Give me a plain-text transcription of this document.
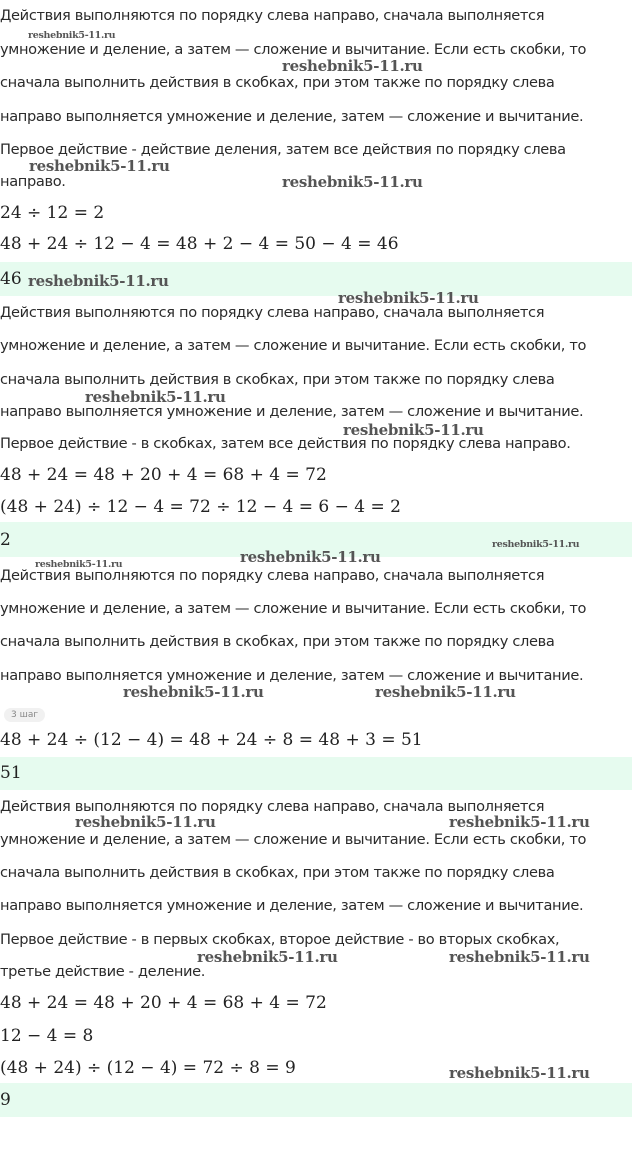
Действия выполняются по порядку слева направо, сначала выполняется
умножение и деление, а затем — сложение и вычитание. Если есть скобки, то
сначала выполнить действия в скобках, при этом также по порядку слева
направо выполняется умножение и деление, затем — сложение и вычитание.
Первое действие - действие деления, затем все действия по порядку слева
направо.
24 ÷ 12 = 2
48 + 24 ÷ 12 − 4 = 48 + 2 − 4 = 50 − 4 = 46
46
Действия выполняются по порядку слева направо, сначала выполняется
умножение и деление, а затем — сложение и вычитание. Если есть скобки, то
сначала выполнить действия в скобках, при этом также по порядку слева
направо выполняется умножение и деление, затем — сложение и вычитание.
Первое действие - в скобках, затем все действия по порядку слева направо.
48 + 24 = 48 + 20 + 4 = 68 + 4 = 72
(48 + 24) ÷ 12 − 4 = 72 ÷ 12 − 4 = 6 − 4 = 2
2
Действия выполняются по порядку слева направо, сначала выполняется
умножение и деление, а затем — сложение и вычитание. Если есть скобки, то
сначала выполнить действия в скобках, при этом также по порядку слева
направо выполняется умножение и деление, затем — сложение и вычитание.
3 шаг
48 + 24 ÷ (12 − 4) = 48 + 24 ÷ 8 = 48 + 3 = 51
51
Действия выполняются по порядку слева направо, сначала выполняется
умножение и деление, а затем — сложение и вычитание. Если есть скобки, то
сначала выполнить действия в скобках, при этом также по порядку слева
направо выполняется умножение и деление, затем — сложение и вычитание.
Первое действие - в первых скобках, второе действие - во вторых скобках,
третье действие - деление.
48 + 24 = 48 + 20 + 4 = 68 + 4 = 72
12 − 4 = 8
(48 + 24) ÷ (12 − 4) = 72 ÷ 8 = 9
9
reshebnik5-11.ru
reshebnik5-11.ru
reshebnik5-11.ru
reshebnik5-11.ru
reshebnik5-11.ru
reshebnik5-11.ru
reshebnik5-11.ru
reshebnik5-11.ru
reshebnik5-11.ru
reshebnik5-11.ru
reshebnik5-11.ru
reshebnik5-11.ru	reshebnik5-11.ru
reshebnik5-11.ru	reshebnik5-11.ru
reshebnik5-11.ru	reshebnik5-11.ru
reshebnik5-11.ru
